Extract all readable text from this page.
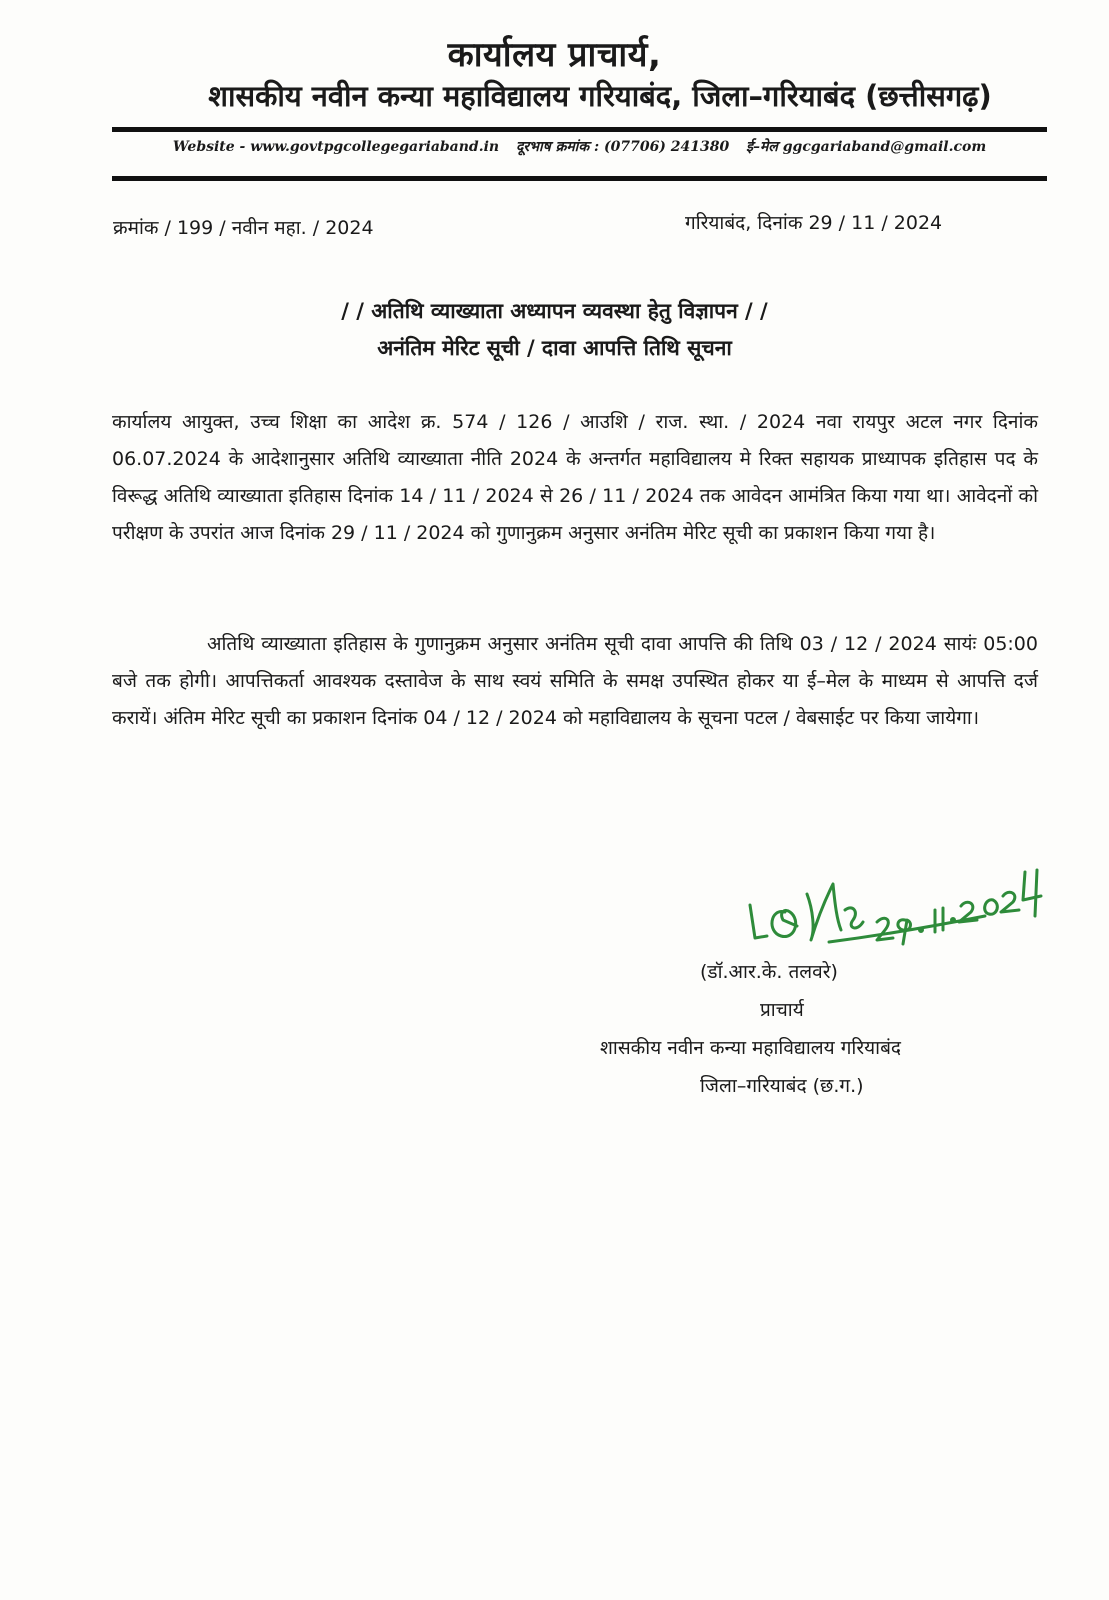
कार्यालय प्राचार्य,
शासकीय नवीन कन्या महाविद्यालय गरियाबंद, जिला–गरियाबंद (छत्तीसगढ़)
Website - www.govtpgcollegegariaband.in दूरभाष क्रमांक : (07706) 241380 ई–मेल ggcgariaband@gmail.com
क्रमांक / 199 / नवीन महा. / 2024	गरियाबंद, दिनांक 29 / 11 / 2024
/ / अतिथि व्याख्याता अध्यापन व्यवस्था हेतु विज्ञापन / /
अनंतिम मेरिट सूची / दावा आपत्ति तिथि सूचना
कार्यालय आयुक्त, उच्च शिक्षा का आदेश क्र. 574 / 126 / आउशि / राज. स्था. / 2024 नवा रायपुर अटल नगर दिनांक 06.07.2024 के आदेशानुसार अतिथि व्याख्याता नीति 2024 के अन्तर्गत महाविद्यालय मे रिक्त सहायक प्राध्यापक इतिहास पद के विरूद्ध अतिथि व्याख्याता इतिहास दिनांक 14 / 11 / 2024 से 26 / 11 / 2024 तक आवेदन आमंत्रित किया गया था। आवेदनों को परीक्षण के उपरांत आज दिनांक 29 / 11 / 2024 को गुणानुक्रम अनुसार अनंतिम मेरिट सूची का प्रकाशन किया गया है।
अतिथि व्याख्याता इतिहास के गुणानुक्रम अनुसार अनंतिम सूची दावा आपत्ति की तिथि 03 / 12 / 2024 सायंः 05:00 बजे तक होगी। आपत्तिकर्ता आवश्यक दस्तावेज के साथ स्वयं समिति के समक्ष उपस्थित होकर या ई–मेल के माध्यम से आपत्ति दर्ज करायें। अंतिम मेरिट सूची का प्रकाशन दिनांक 04 / 12 / 2024 को महाविद्यालय के सूचना पटल / वेबसाईट पर किया जायेगा।
(डॉ.आर.के. तलवरे)
प्राचार्य
शासकीय नवीन कन्या महाविद्यालय गरियाबंद
जिला–गरियाबंद (छ.ग.)
